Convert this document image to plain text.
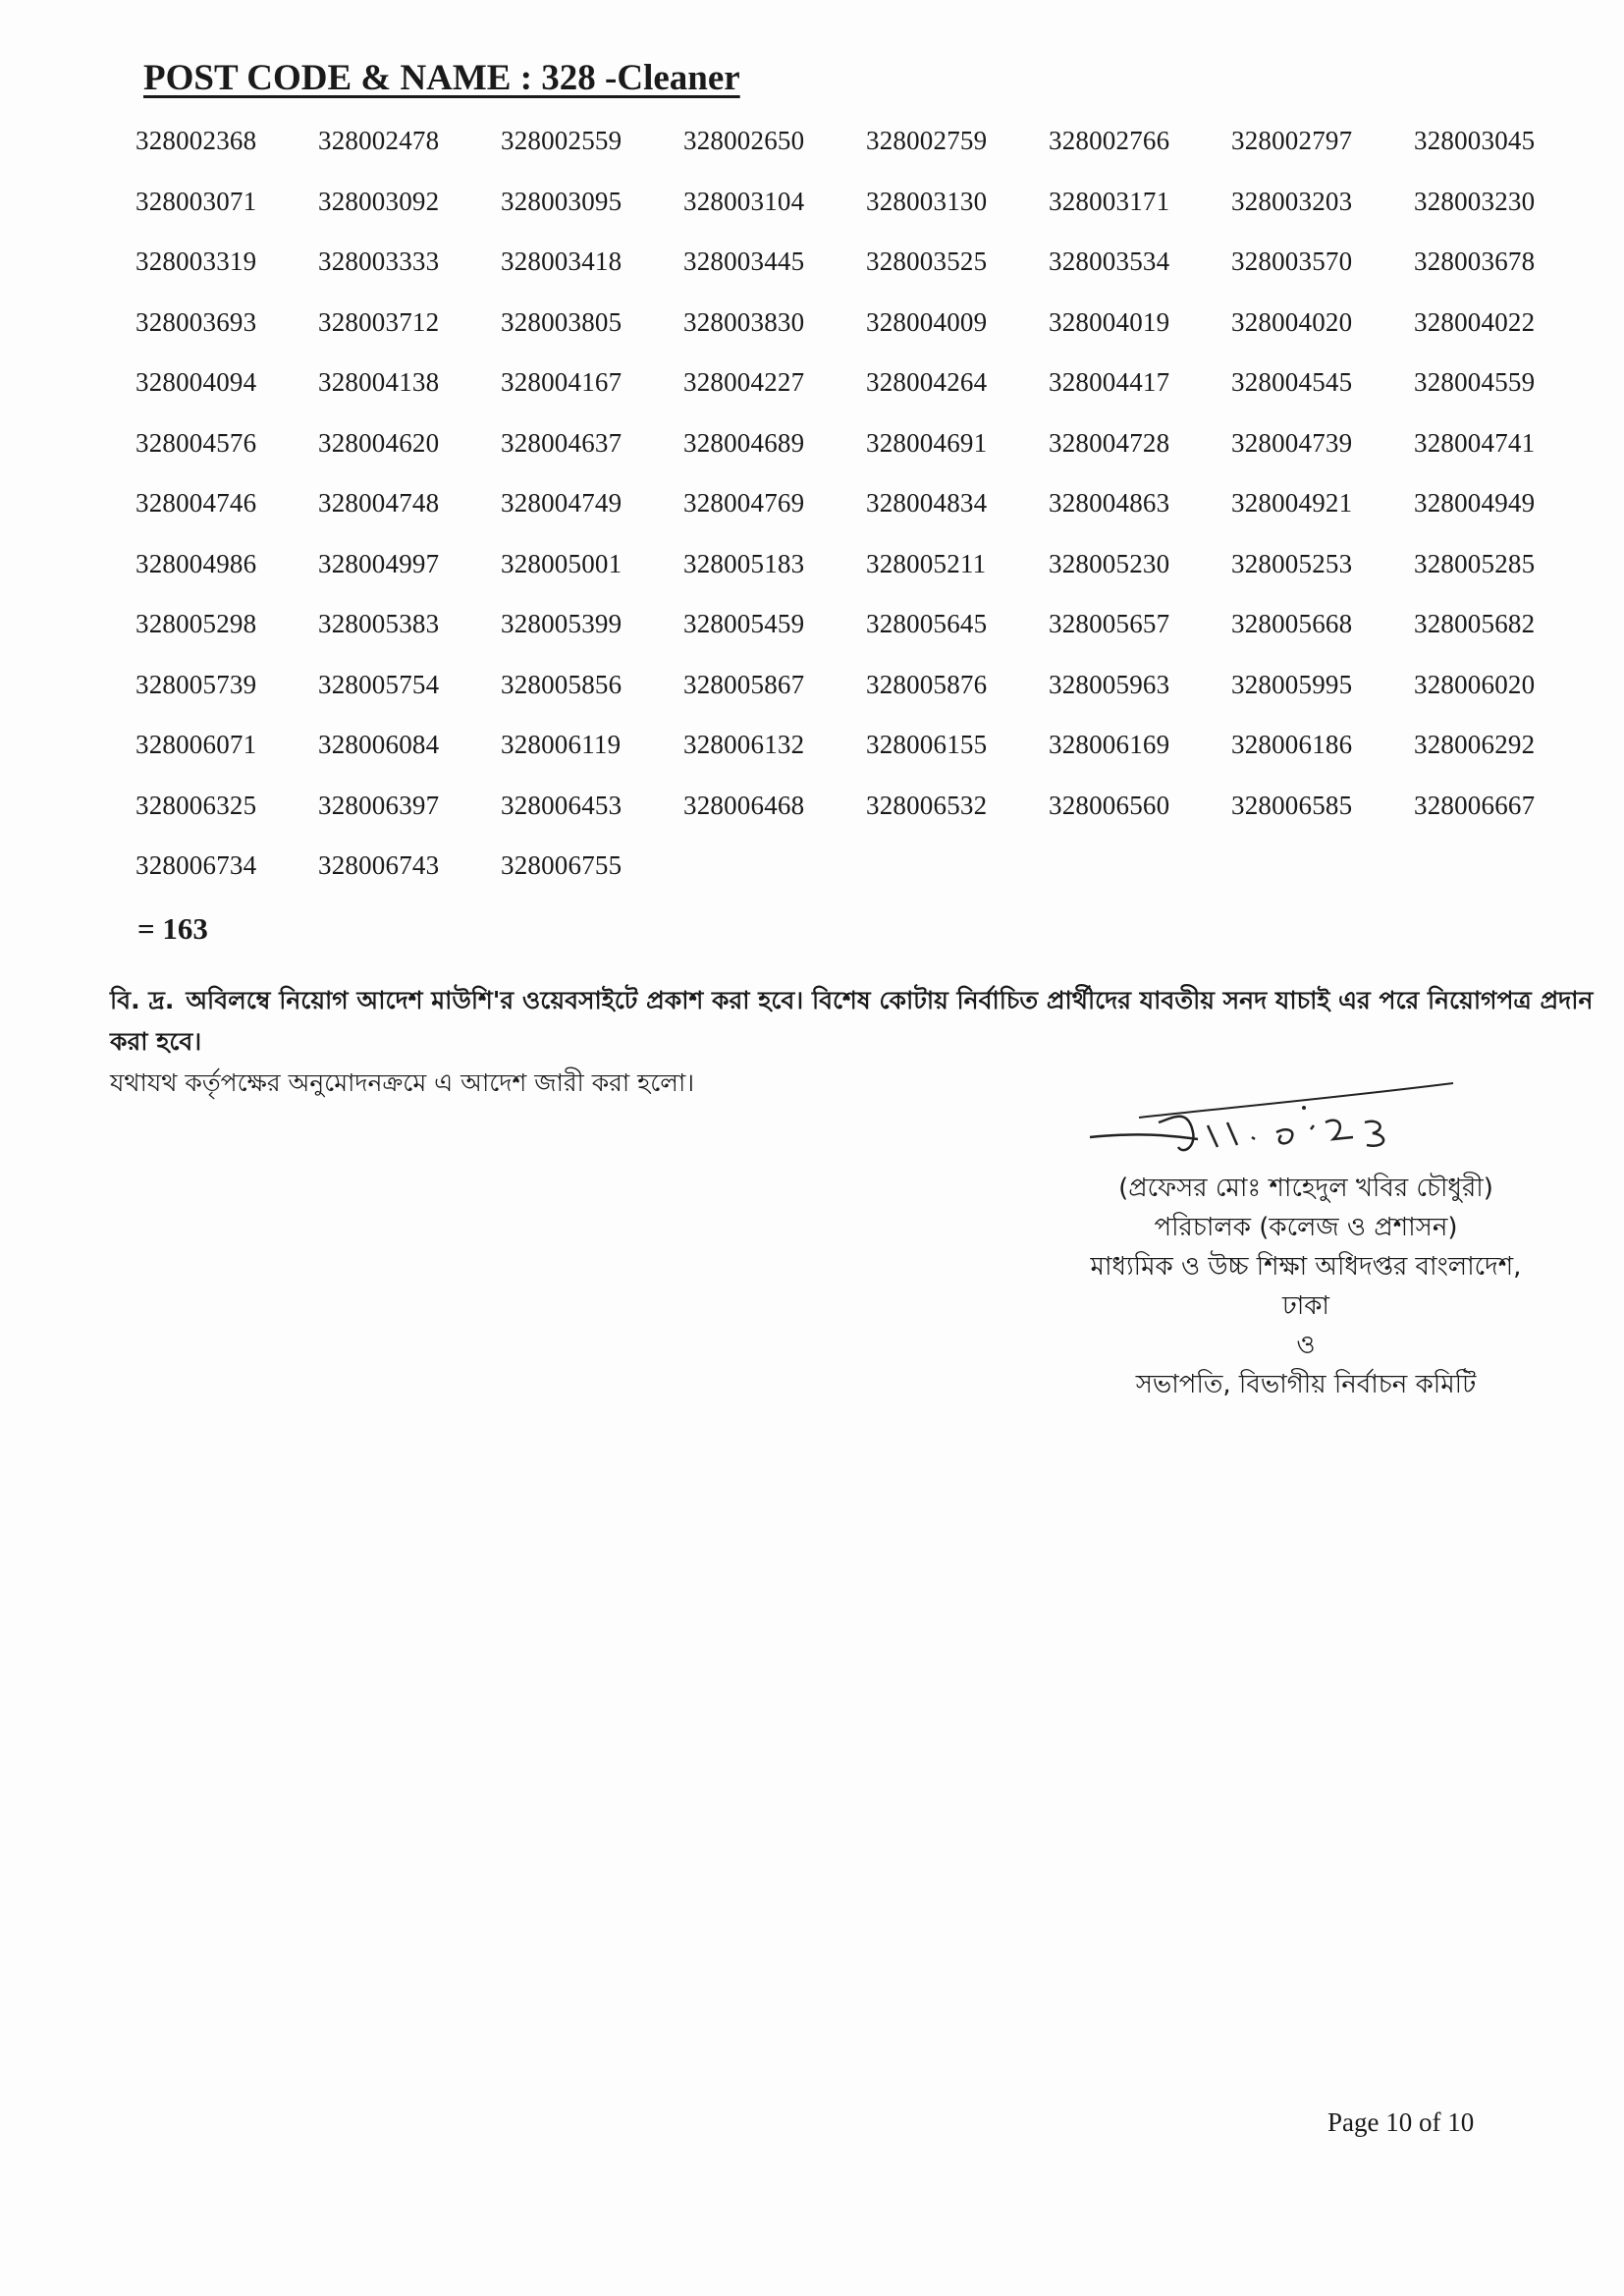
POST CODE & NAME : 328 -Cleaner
328002368	328002478	328002559	328002650	328002759	328002766	328002797	328003045
328003071	328003092	328003095	328003104	328003130	328003171	328003203	328003230
328003319	328003333	328003418	328003445	328003525	328003534	328003570	328003678
328003693	328003712	328003805	328003830	328004009	328004019	328004020	328004022
328004094	328004138	328004167	328004227	328004264	328004417	328004545	328004559
328004576	328004620	328004637	328004689	328004691	328004728	328004739	328004741
328004746	328004748	328004749	328004769	328004834	328004863	328004921	328004949
328004986	328004997	328005001	328005183	328005211	328005230	328005253	328005285
328005298	328005383	328005399	328005459	328005645	328005657	328005668	328005682
328005739	328005754	328005856	328005867	328005876	328005963	328005995	328006020
328006071	328006084	328006119	328006132	328006155	328006169	328006186	328006292
328006325	328006397	328006453	328006468	328006532	328006560	328006585	328006667
328006734	328006743	328006755
= 163
বি. দ্র. অবিলম্বে নিয়োগ আদেশ মাউশি'র ওয়েবসাইটে প্রকাশ করা হবে। বিশেষ কোটায় নির্বাচিত প্রার্থীদের যাবতীয় সনদ যাচাই এর পরে নিয়োগপত্র প্রদান করা হবে।
যথাযথ কর্তৃপক্ষের অনুমোদনক্রমে এ আদেশ জারী করা হলো।
(প্রফেসর মোঃ শাহেদুল খবির চৌধুরী)
পরিচালক (কলেজ ও প্রশাসন)
মাধ্যমিক ও উচ্চ শিক্ষা অধিদপ্তর বাংলাদেশ,
ঢাকা
ও
সভাপতি, বিভাগীয় নির্বাচন কমিটি
Page 10 of 10
